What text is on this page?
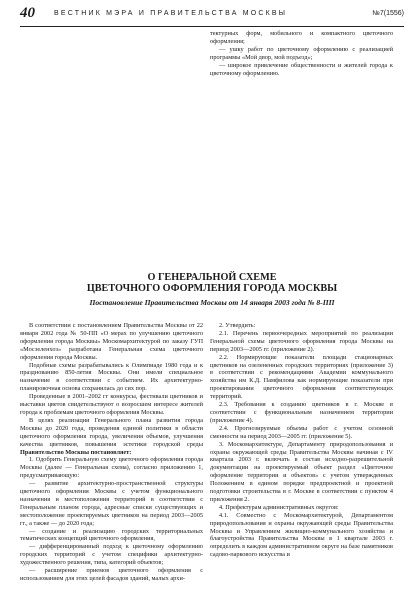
40	ВЕСТНИК МЭРА И ПРАВИТЕЛЬСТВА МОСКВЫ	№7(1556)

тектурных форм, мобильного и компактного цветочного оформления;

— ушку работ по цветочному оформлению с реализацией программы «Мой двор, мой подъезд»;

— широкое привлечение общественности и жителей города к цветочному оформлению.

О ГЕНЕРАЛЬНОЙ СХЕМЕ
ЦВЕТОЧНОГО ОФОРМЛЕНИЯ ГОРОДА МОСКВЫ
Постановление Правительства Москвы от 14 января 2003 года № 8-ПП

В соответствии с постановлением Правительства Москвы от 22 января 2002 года № 50-ПП «О мерах по улучшению цветочного оформления города Москвы» Москомархитектурой по заказу ГУП «Мосзеленхоз» разработана Генеральная схема цветочного оформления города Москвы.

Подобные схемы разрабатывались к Олимпиаде 1980 года и к празднованию 850-летия Москвы. Они имели специальное назначение в соответствии с событием. Их архитектурно-планировочная основа сохранилась до сих пор.

Проведенные в 2001–2002 гг конкурсы, фестивали цветников и выставки цветов свидетельствуют о возросшем интересе жителей города к проблемам цветочного оформления Москвы.

В целях реализации Генерального плана развития города Москвы до 2020 года, проведения единой политики в области цветочного оформления города, увеличения объемов, улучшения качества цветников, повышения эстетики городской среды Правительство Москвы постановляет:

1. Одобрить Генеральную схему цветочного оформления города Москвы (далее — Генеральная схема), согласно приложению 1, предусматривающую:

— развитие архитектурно-пространственной структуры цветочного оформления Москвы с учетом функционального назначения и местоположения территорий в соответствии с Генеральным планом города, адресные списки существующих и местоположение проектируемых цветников на период 2003—2005 гг., а также — до 2020 года;

— создание и реализацию городских территориальных тематических концепций цветочного оформления,

— дифференцированный подход к цветочному оформлению городских территорий с учетом специфики архитектурно-художественного решения, типа, категорий объектов;

— расширение приемов цветочного оформления с использованием для этих целей фасадов зданий, малых архи-

2. Утвердить:

2.1. Перечень первоочередных мероприятий по реализации Генеральной схемы цветочного оформления города Москвы на период 2003—2005 гг. (приложение 2).

2.2. Нормирующие показатели площади стационарных цветников на озелененных городских территориях (приложение 3) в соответствии с рекомендациями Академии коммунального хозяйства им К.Д. Памфилова как нормирующие показатели при проектировании цветочного оформления соответствующих территорий.

2.3. Требования к созданию цветников в г. Москве в соответствии с функциональным назначением территории (приложение 4).

2.4. Прогнозируемые объемы работ с учетом сезонной сменности на период 2003—2005 гг. (приложение 5).

3. Москомархитектуре, Департаменту природопользования и охраны окружающей среды Правительства Москвы начиная с IV квартала 2003 г. включать в состав исходно-разрешительной документации на проектируемый объект раздел «Цветочное оформление территории и объектов» с учетом утвержденных Положением в едином порядке предпроектной и проектной подготовки строительства в г. Москве в соответствии с пунктом 4 приложения 2.

4. Префектурам административных округов:

4.1. Совместно с Москомархитектурой, Департаментом природопользования и охраны окружающей среды Правительства Москвы и Управлением жилищно-коммунального хозяйства и благоустройства Правительства Москвы в 1 квартале 2003 г. определить в каждом административном округе на базе памятников садово-паркового искусства и
